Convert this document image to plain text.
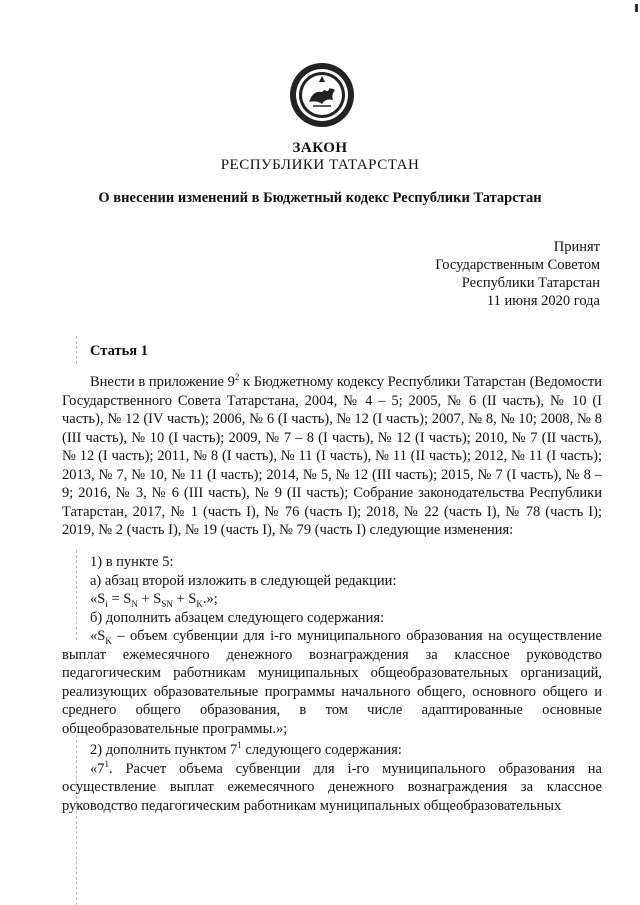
ЗАКОН
РЕСПУБЛИКИ ТАТАРСТАН
О внесении изменений в Бюджетный кодекс Республики Татарстан
Принят
Государственным Советом
Республики Татарстан
11 июня 2020 года
Статья 1

Внести в приложение $9^2$ к Бюджетному кодексу Республики Татарстан (Ведомости Государственного Совета Татарстана, 2004, № 4 – 5; 2005, № 6 (II часть), № 10 (I часть), № 12 (IV часть); 2006, № 6 (I часть), № 12 (I часть); 2007, № 8, № 10; 2008, № 8 (III часть), № 10 (I часть); 2009, № 7 – 8 (I часть), № 12 (I часть); 2010, № 7 (II часть), № 12 (I часть); 2011, № 8 (I часть), № 11 (I часть), № 11 (II часть); 2012, № 11 (I часть); 2013, № 7, № 10, № 11 (I часть); 2014, № 5, № 12 (III часть); 2015, № 7 (I часть), № 8 – 9; 2016, № 3, № 6 (III часть), № 9 (II часть); Собрание законодательства Республики Татарстан, 2017, № 1 (часть I), № 76 (часть I); 2018, № 22 (часть I), № 78 (часть I); 2019, № 2 (часть I), № 19 (часть I), № 79 (часть I) следующие изменения:

1) в пункте 5:

а) абзац второй изложить в следующей редакции:

«$S_i = S_N + S_{SN} + S_K$.»;

б) дополнить абзацем следующего содержания:

«$S_K$ – объем субвенции для i-го муниципального образования на осуществление выплат ежемесячного денежного вознаграждения за классное руководство педагогическим работникам муниципальных общеобразовательных организаций, реализующих образовательные программы начального общего, основного общего и среднего общего образования, в том числе адаптированные основные общеобразовательные программы.»;

2) дополнить пунктом $7^1$ следующего содержания:

«$7^1$. Расчет объема субвенции для i-го муниципального образования на осуществление выплат ежемесячного денежного вознаграждения за классное руководство педагогическим работникам муниципальных общеобразовательных
